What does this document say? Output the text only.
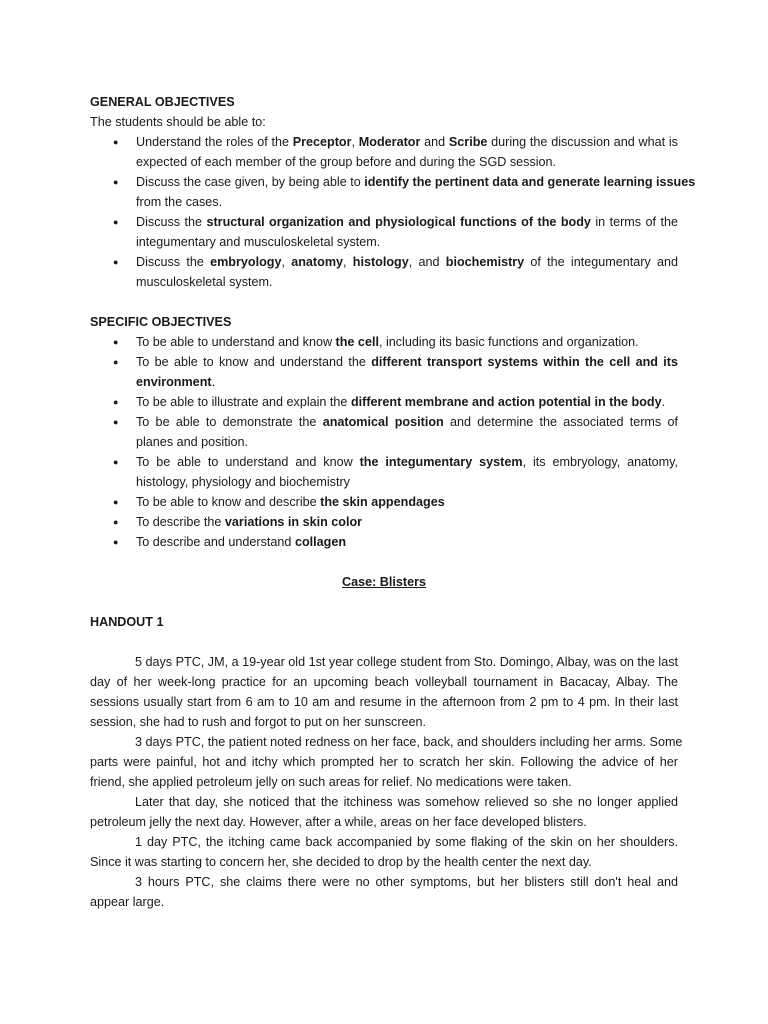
GENERAL OBJECTIVES
The students should be able to:
● Understand the roles of the Preceptor, Moderator and Scribe during the discussion and what is
expected of each member of the group before and during the SGD session.
● Discuss the case given, by being able to identify the pertinent data and generate learning issues
from the cases.
● Discuss the structural organization and physiological functions of the body in terms of the
integumentary and musculoskeletal system.
● Discuss the embryology, anatomy, histology, and biochemistry of the integumentary and
musculoskeletal system.
SPECIFIC OBJECTIVES
● To be able to understand and know the cell, including its basic functions and organization.
● To be able to know and understand the different transport systems within the cell and its
environment.
● To be able to illustrate and explain the different membrane and action potential in the body.
● To be able to demonstrate the anatomical position and determine the associated terms of
planes and position.
● To be able to understand and know the integumentary system, its embryology, anatomy,
histology, physiology and biochemistry
● To be able to know and describe the skin appendages
● To describe the variations in skin color
● To describe and understand collagen
Case: Blisters
HANDOUT 1
5 days PTC, JM, a 19-year old 1st year college student from Sto. Domingo, Albay, was on the last
day of her week-long practice for an upcoming beach volleyball tournament in Bacacay, Albay. The
sessions usually start from 6 am to 10 am and resume in the afternoon from 2 pm to 4 pm. In their last
session, she had to rush and forgot to put on her sunscreen.
3 days PTC, the patient noted redness on her face, back, and shoulders including her arms. Some
parts were painful, hot and itchy which prompted her to scratch her skin. Following the advice of her
friend, she applied petroleum jelly on such areas for relief. No medications were taken.
Later that day, she noticed that the itchiness was somehow relieved so she no longer applied
petroleum jelly the next day. However, after a while, areas on her face developed blisters.
1 day PTC, the itching came back accompanied by some flaking of the skin on her shoulders.
Since it was starting to concern her, she decided to drop by the health center the next day.
3 hours PTC, she claims there were no other symptoms, but her blisters still don't heal and
appear large.
